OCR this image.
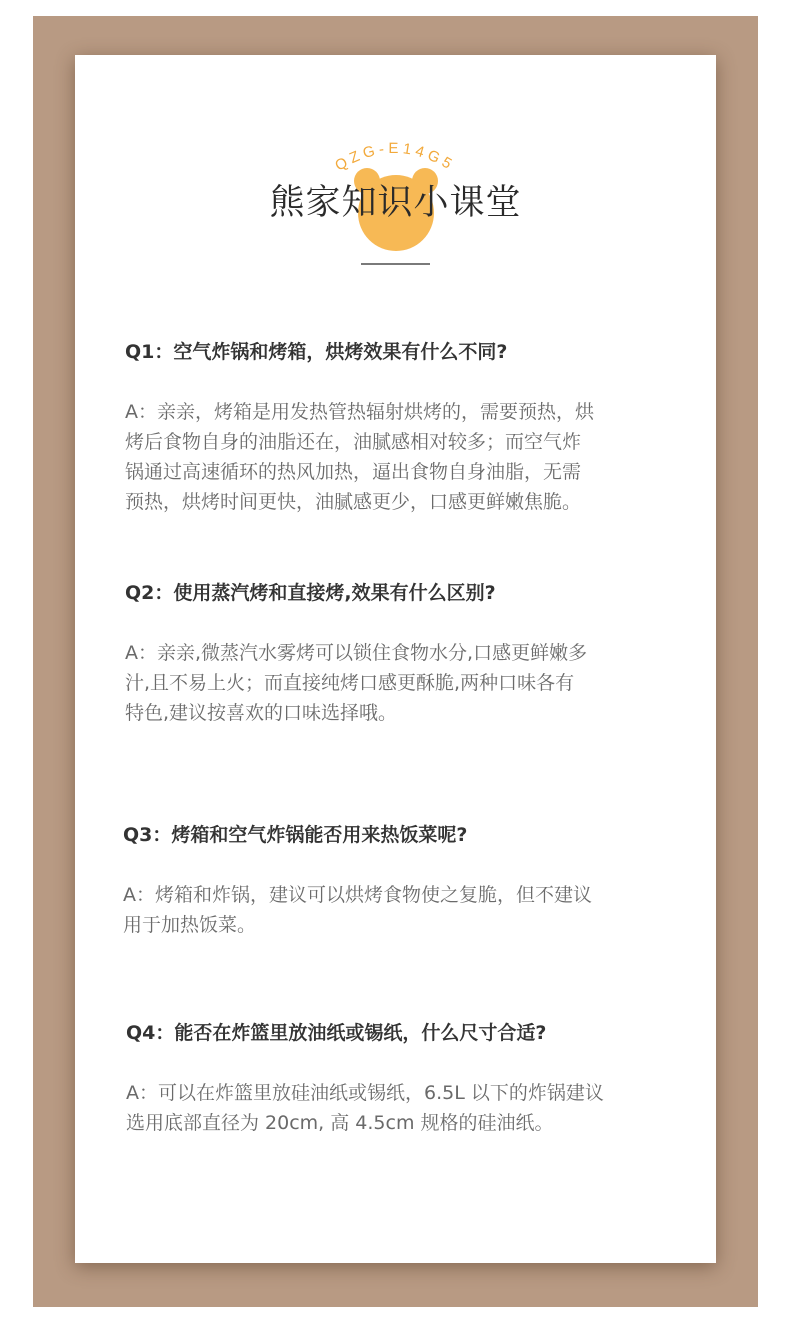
QZG-E14G5
熊家知识小课堂
Q1：空气炸锅和烤箱，烘烤效果有什么不同?
A：亲亲，烤箱是用发热管热辐射烘烤的，需要预热，烘
烤后食物自身的油脂还在，油腻感相对较多；而空气炸
锅通过高速循环的热风加热，逼出食物自身油脂，无需
预热，烘烤时间更快，油腻感更少，口感更鲜嫩焦脆。
Q2：使用蒸汽烤和直接烤,效果有什么区别?
A：亲亲,微蒸汽水雾烤可以锁住食物水分,口感更鲜嫩多
汁,且不易上火；而直接纯烤口感更酥脆,两种口味各有
特色,建议按喜欢的口味选择哦。
Q3：烤箱和空气炸锅能否用来热饭菜呢?
A：烤箱和炸锅，建议可以烘烤食物使之复脆，但不建议
用于加热饭菜。
Q4：能否在炸篮里放油纸或锡纸，什么尺寸合适?
A：可以在炸篮里放硅油纸或锡纸，6.5L 以下的炸锅建议
选用底部直径为 20cm, 高 4.5cm 规格的硅油纸。
